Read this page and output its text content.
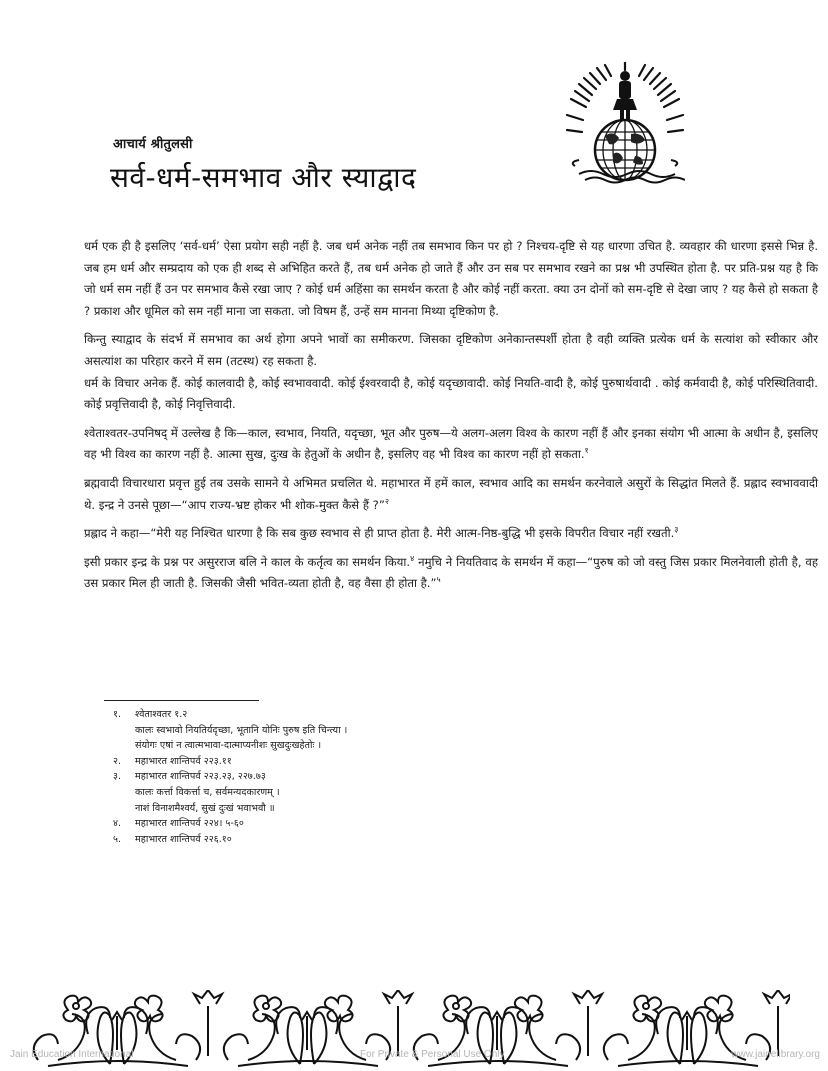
आचार्य श्रीतुलसी
सर्व-धर्म-समभाव और स्याद्वाद

धर्म एक ही है इसलिए ‘सर्व-धर्म’ ऐसा प्रयोग सही नहीं है. जब धर्म अनेक नहीं तब समभाव किन पर हो ? निश्चय-दृष्टि से यह धारणा उचित है. व्यवहार की धारणा इससे भिन्न है. जब हम धर्म और सम्प्रदाय को एक ही शब्द से अभिहित करते हैं, तब धर्म अनेक हो जाते हैं और उन सब पर समभाव रखने का प्रश्न भी उपस्थित होता है. पर प्रति-प्रश्न यह है कि जो धर्म सम नहीं हैं उन पर समभाव कैसे रखा जाए ? कोई धर्म अहिंसा का समर्थन करता है और कोई नहीं करता. क्या उन दोनों को सम-दृष्टि से देखा जाए ? यह कैसे हो सकता है ? प्रकाश और धूमिल को सम नहीं माना जा सकता. जो विषम हैं, उन्हें सम मानना मिथ्या दृष्टिकोण है.

किन्तु स्याद्वाद के संदर्भ में समभाव का अर्थ होगा अपने भावों का समीकरण. जिसका दृष्टिकोण अनेकान्तस्पर्शी होता है वही व्यक्ति प्रत्येक धर्म के सत्यांश को स्वीकार और असत्यांश का परिहार करने में सम (तटस्थ) रह सकता है.

धर्म के विचार अनेक हैं. कोई कालवादी है, कोई स्वभाववादी. कोई ईश्वरवादी है, कोई यदृच्छावादी. कोई नियति-वादी है, कोई पुरुषार्थवादी . कोई कर्मवादी है, कोई परिस्थितिवादी. कोई प्रवृत्तिवादी है, कोई निवृत्तिवादी.

श्वेताश्वतर-उपनिषद् में उल्लेख है कि—काल, स्वभाव, नियति, यदृच्छा, भूत और पुरुष—ये अलग-अलग विश्व के कारण नहीं हैं और इनका संयोग भी आत्मा के अधीन है, इसलिए वह भी विश्व का कारण नहीं है. आत्मा सुख, दुःख के हेतुओं के अधीन है, इसलिए वह भी विश्व का कारण नहीं हो सकता.$^१$

ब्रह्मवादी विचारधारा प्रवृत्त हुई तब उसके सामने ये अभिमत प्रचलित थे. महाभारत में हमें काल, स्वभाव आदि का समर्थन करनेवाले असुरों के सिद्धांत मिलते हैं. प्रह्लाद स्वभाववादी थे. इन्द्र ने उनसे पूछा—“आप राज्य-भ्रष्ट होकर भी शोक-मुक्त कैसे हैं ?”$^२$

प्रह्लाद ने कहा—“मेरी यह निश्चित धारणा है कि सब कुछ स्वभाव से ही प्राप्त होता है. मेरी आत्म-निष्ठ-बुद्धि भी इसके विपरीत विचार नहीं रखती.$^३$

इसी प्रकार इन्द्र के प्रश्न पर असुरराज बलि ने काल के कर्तृत्व का समर्थन किया.$^४$ नमुचि ने नियतिवाद के समर्थन में कहा—“पुरुष को जो वस्तु जिस प्रकार मिलनेवाली होती है, वह उस प्रकार मिल ही जाती है. जिसकी जैसी भवित-व्यता होती है, वह वैसा ही होता है.”$^५$

१.	श्वेताश्वतर १.२
कालः स्वभावो नियतिर्यदृच्छा, भूतानि योनिः पुरुष इति चिन्त्या ।
संयोगः एषां न त्वात्मभावा-दात्माप्यनीशः सुखदुःखहेतोः ।
२.	महाभारत शान्तिपर्व २२३.११
३.	महाभारत शान्तिपर्व २२३.२३, २२७.७३
कालः कर्त्ता विकर्त्ता च, सर्वमन्यदकारणम् ।
नाशं विनाशमैश्वर्यं, सुखं दुःखं भवाभवौ ॥
४.	महाभारत शान्तिपर्व २२४। ५-६०
५.	महाभारत शान्तिपर्व २२६.१०
Jain Education International	For Private & Personal Use Only	www.jainelibrary.org
